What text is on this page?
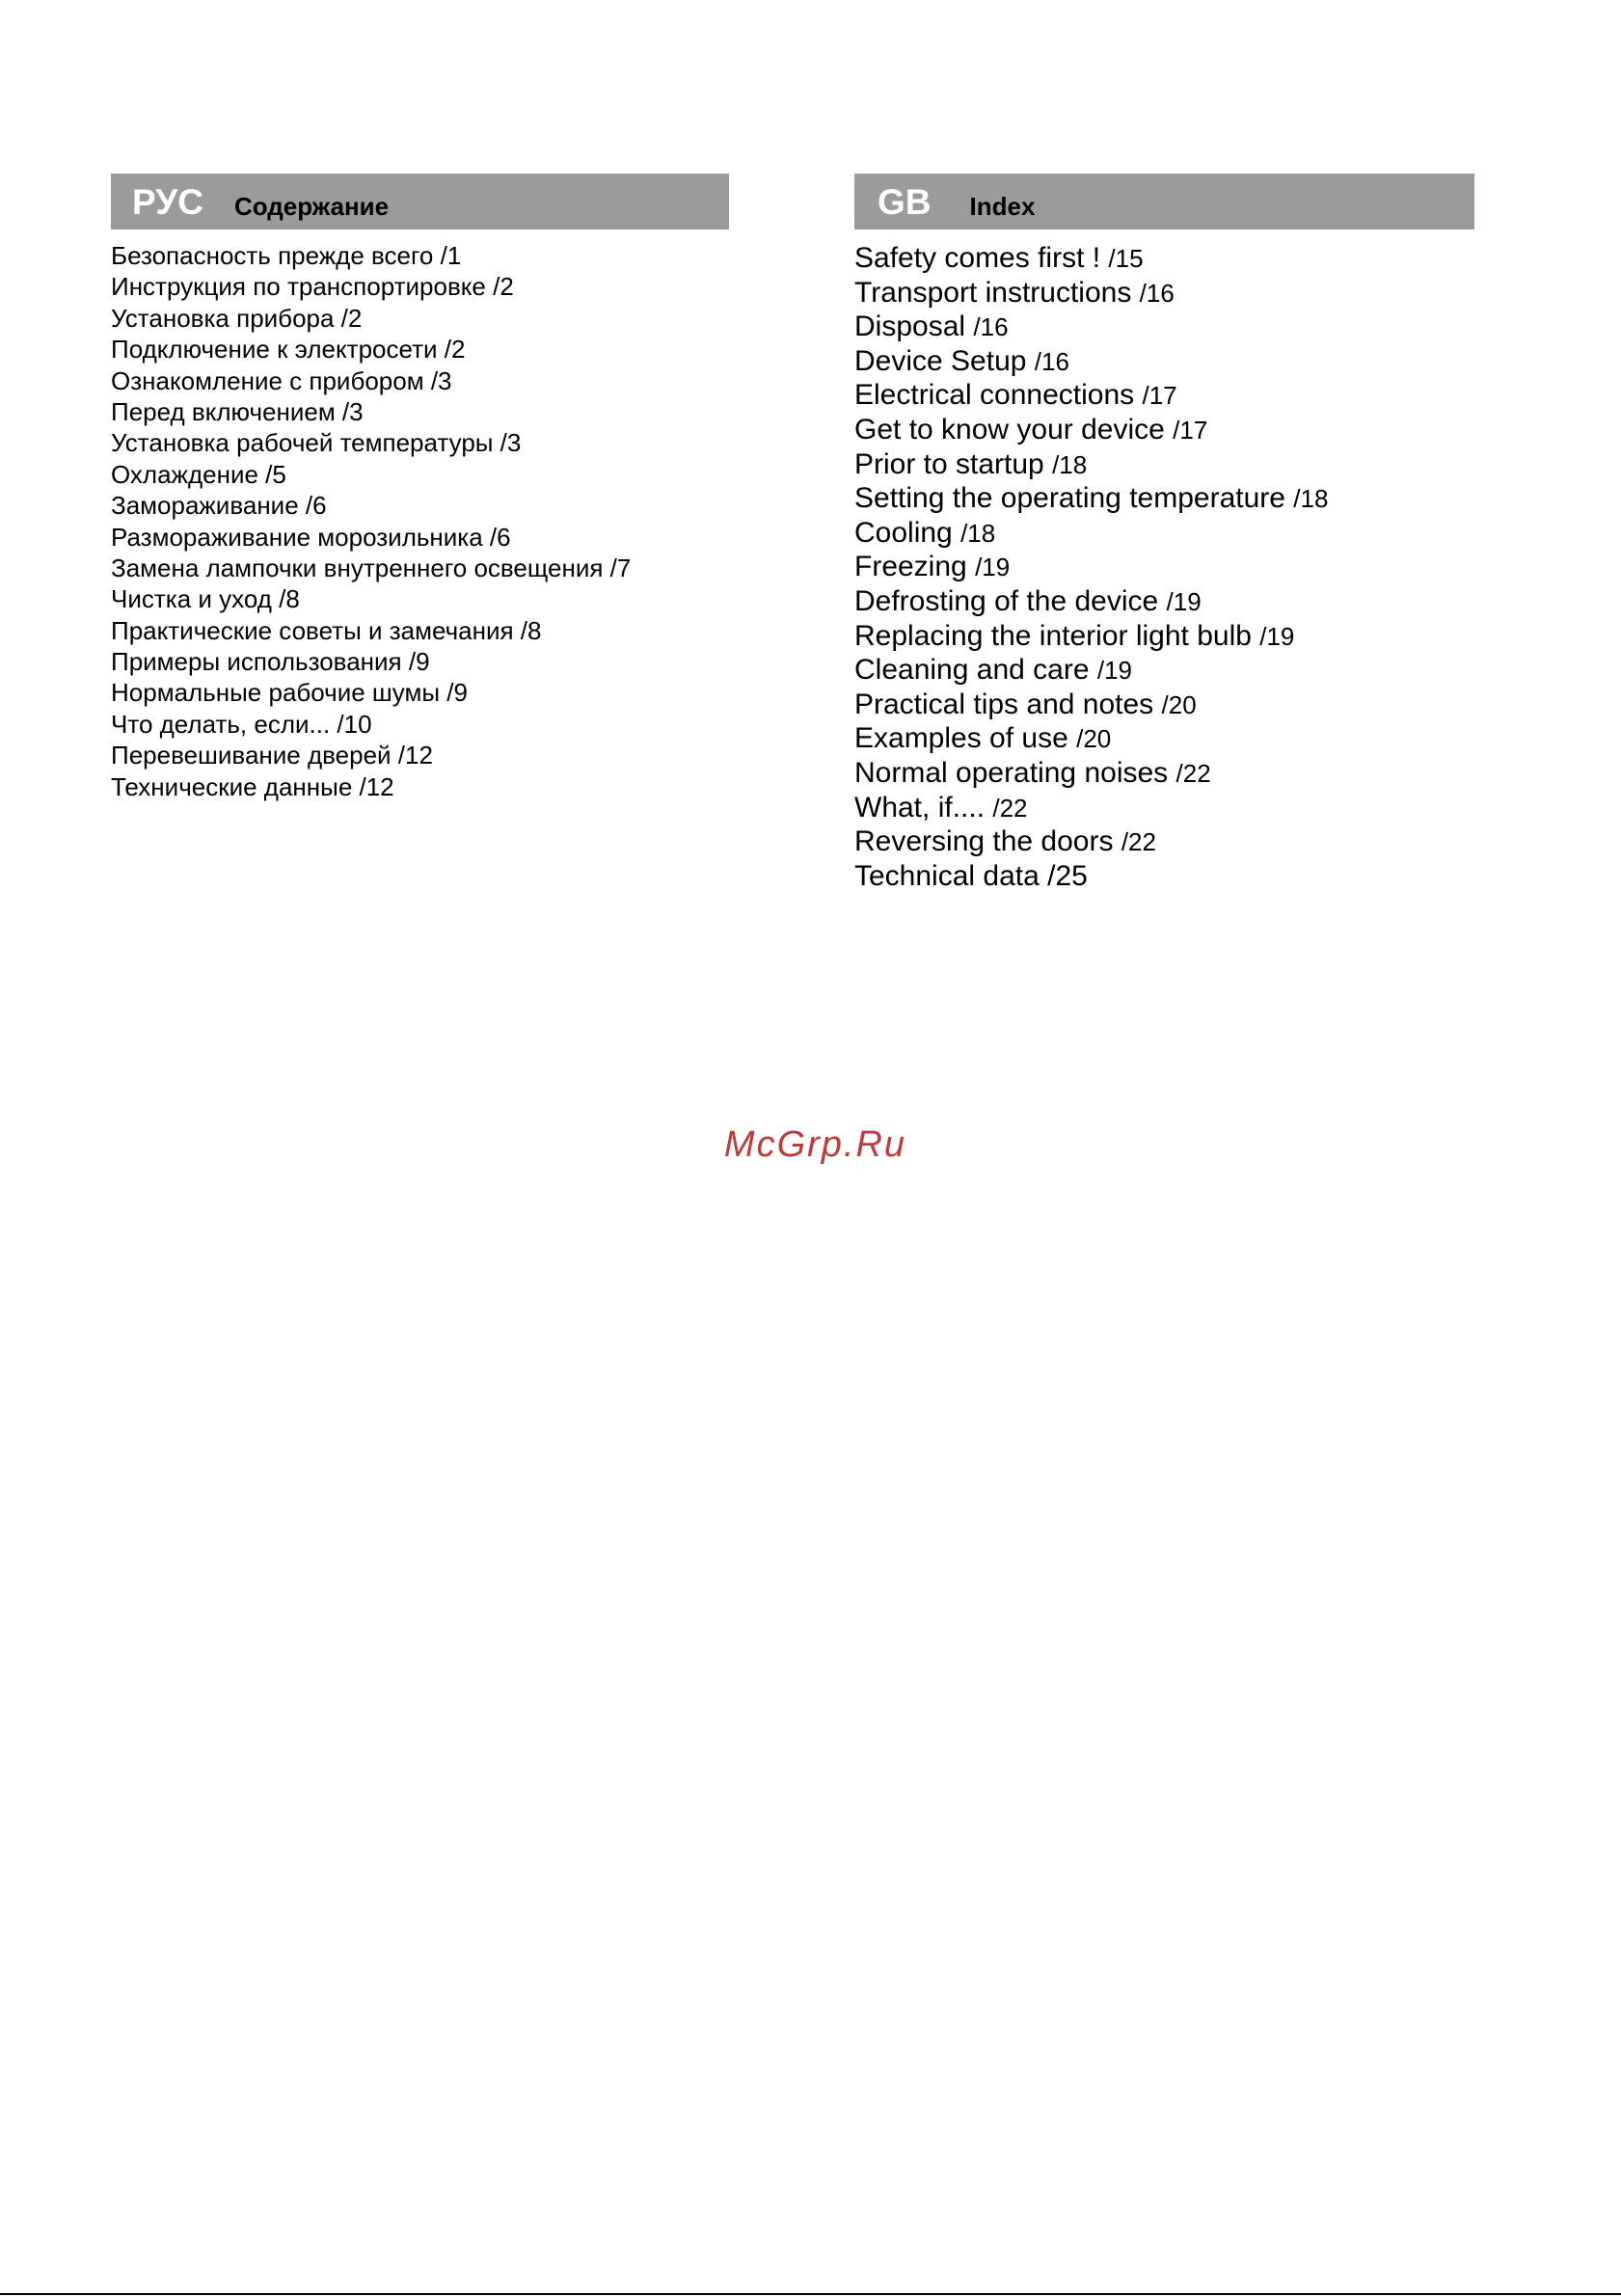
РУС Содержание
Безопасность прежде всего /1
Инструкция по транспортировке /2
Установка прибора /2
Подключение к электросети /2
Ознакомление с прибором /3
Перед включением /3
Установка рабочей температуры /3
Охлаждение /5
Замораживание /6
Размораживание морозильника /6
Замена лампочки внутреннего освещения /7
Чистка и уход /8
Практические советы и замечания /8
Примеры использования /9
Нормальные рабочие шумы /9
Что делать, если... /10
Перевешивание дверей /12
Технические данные /12
GB Index
Safety comes first ! /15
Transport instructions /16
Disposal /16
Device Setup /16
Electrical connections /17
Get to know your device /17
Prior to startup /18
Setting the operating temperature /18
Cooling /18
Freezing /19
Defrosting of the device /19
Replacing the interior light bulb /19
Cleaning and care /19
Practical tips and notes /20
Examples of use /20
Normal operating noises /22
What, if.... /22
Reversing the doors /22
Technical data /25
McGrp.Ru
